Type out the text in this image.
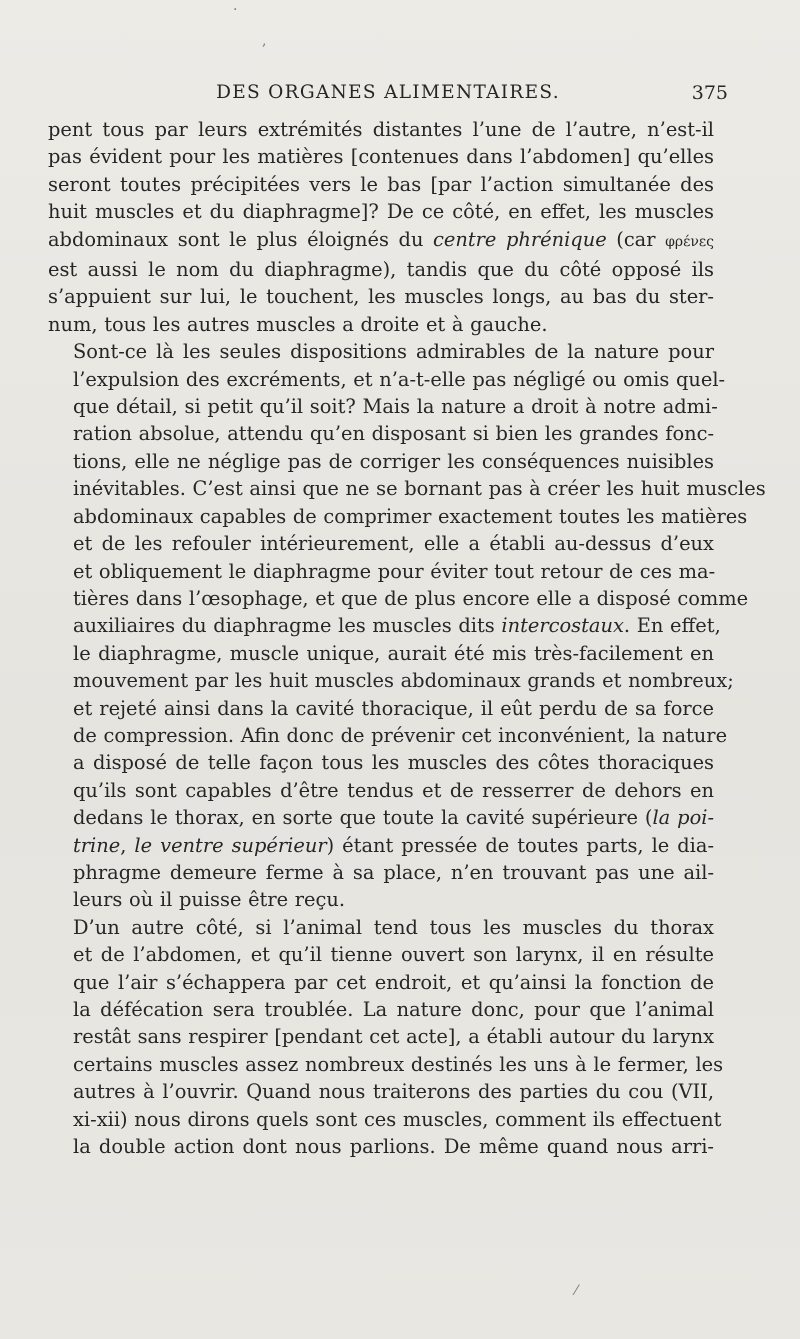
·
,
DES ORGANES ALIMENTAIRES.	375

pent tous par leurs extrémités distantes l’une de l’autre, n’est-il
pas évident pour les matières [contenues dans l’abdomen] qu’elles
seront toutes précipitées vers le bas [par l’action simultanée des
huit muscles et du diaphragme]? De ce côté, en effet, les muscles
abdominaux sont le plus éloignés du centre phrénique (car φρένες
est aussi le nom du diaphragme), tandis que du côté opposé ils
s’appuient sur lui, le touchent, les muscles longs, au bas du ster-
num, tous les autres muscles a droite et à gauche.

Sont-ce là les seules dispositions admirables de la nature pour
l’expulsion des excréments, et n’a-t-elle pas négligé ou omis quel-
que détail, si petit qu’il soit? Mais la nature a droit à notre admi-
ration absolue, attendu qu’en disposant si bien les grandes fonc-
tions, elle ne néglige pas de corriger les conséquences nuisibles
inévitables. C’est ainsi que ne se bornant pas à créer les huit muscles
abdominaux capables de comprimer exactement toutes les matières
et de les refouler intérieurement, elle a établi au-dessus d’eux
et obliquement le diaphragme pour éviter tout retour de ces ma-
tières dans l’œsophage, et que de plus encore elle a disposé comme
auxiliaires du diaphragme les muscles dits intercostaux. En effet,
le diaphragme, muscle unique, aurait été mis très-facilement en
mouvement par les huit muscles abdominaux grands et nombreux;
et rejeté ainsi dans la cavité thoracique, il eût perdu de sa force
de compression. Afin donc de prévenir cet inconvénient, la nature
a disposé de telle façon tous les muscles des côtes thoraciques
qu’ils sont capables d’être tendus et de resserrer de dehors en
dedans le thorax, en sorte que toute la cavité supérieure (la poi-
trine, le ventre supérieur) étant pressée de toutes parts, le dia-
phragme demeure ferme à sa place, n’en trouvant pas une ail-
leurs où il puisse être reçu.

D’un autre côté, si l’animal tend tous les muscles du thorax
et de l’abdomen, et qu’il tienne ouvert son larynx, il en résulte
que l’air s’échappera par cet endroit, et qu’ainsi la fonction de
la défécation sera troublée. La nature donc, pour que l’animal
restât sans respirer [pendant cet acte], a établi autour du larynx
certains muscles assez nombreux destinés les uns à le fermer, les
autres à l’ouvrir. Quand nous traiterons des parties du cou (VII,
xi-xii) nous dirons quels sont ces muscles, comment ils effectuent
la double action dont nous parlions. De même quand nous arri-

⁄
